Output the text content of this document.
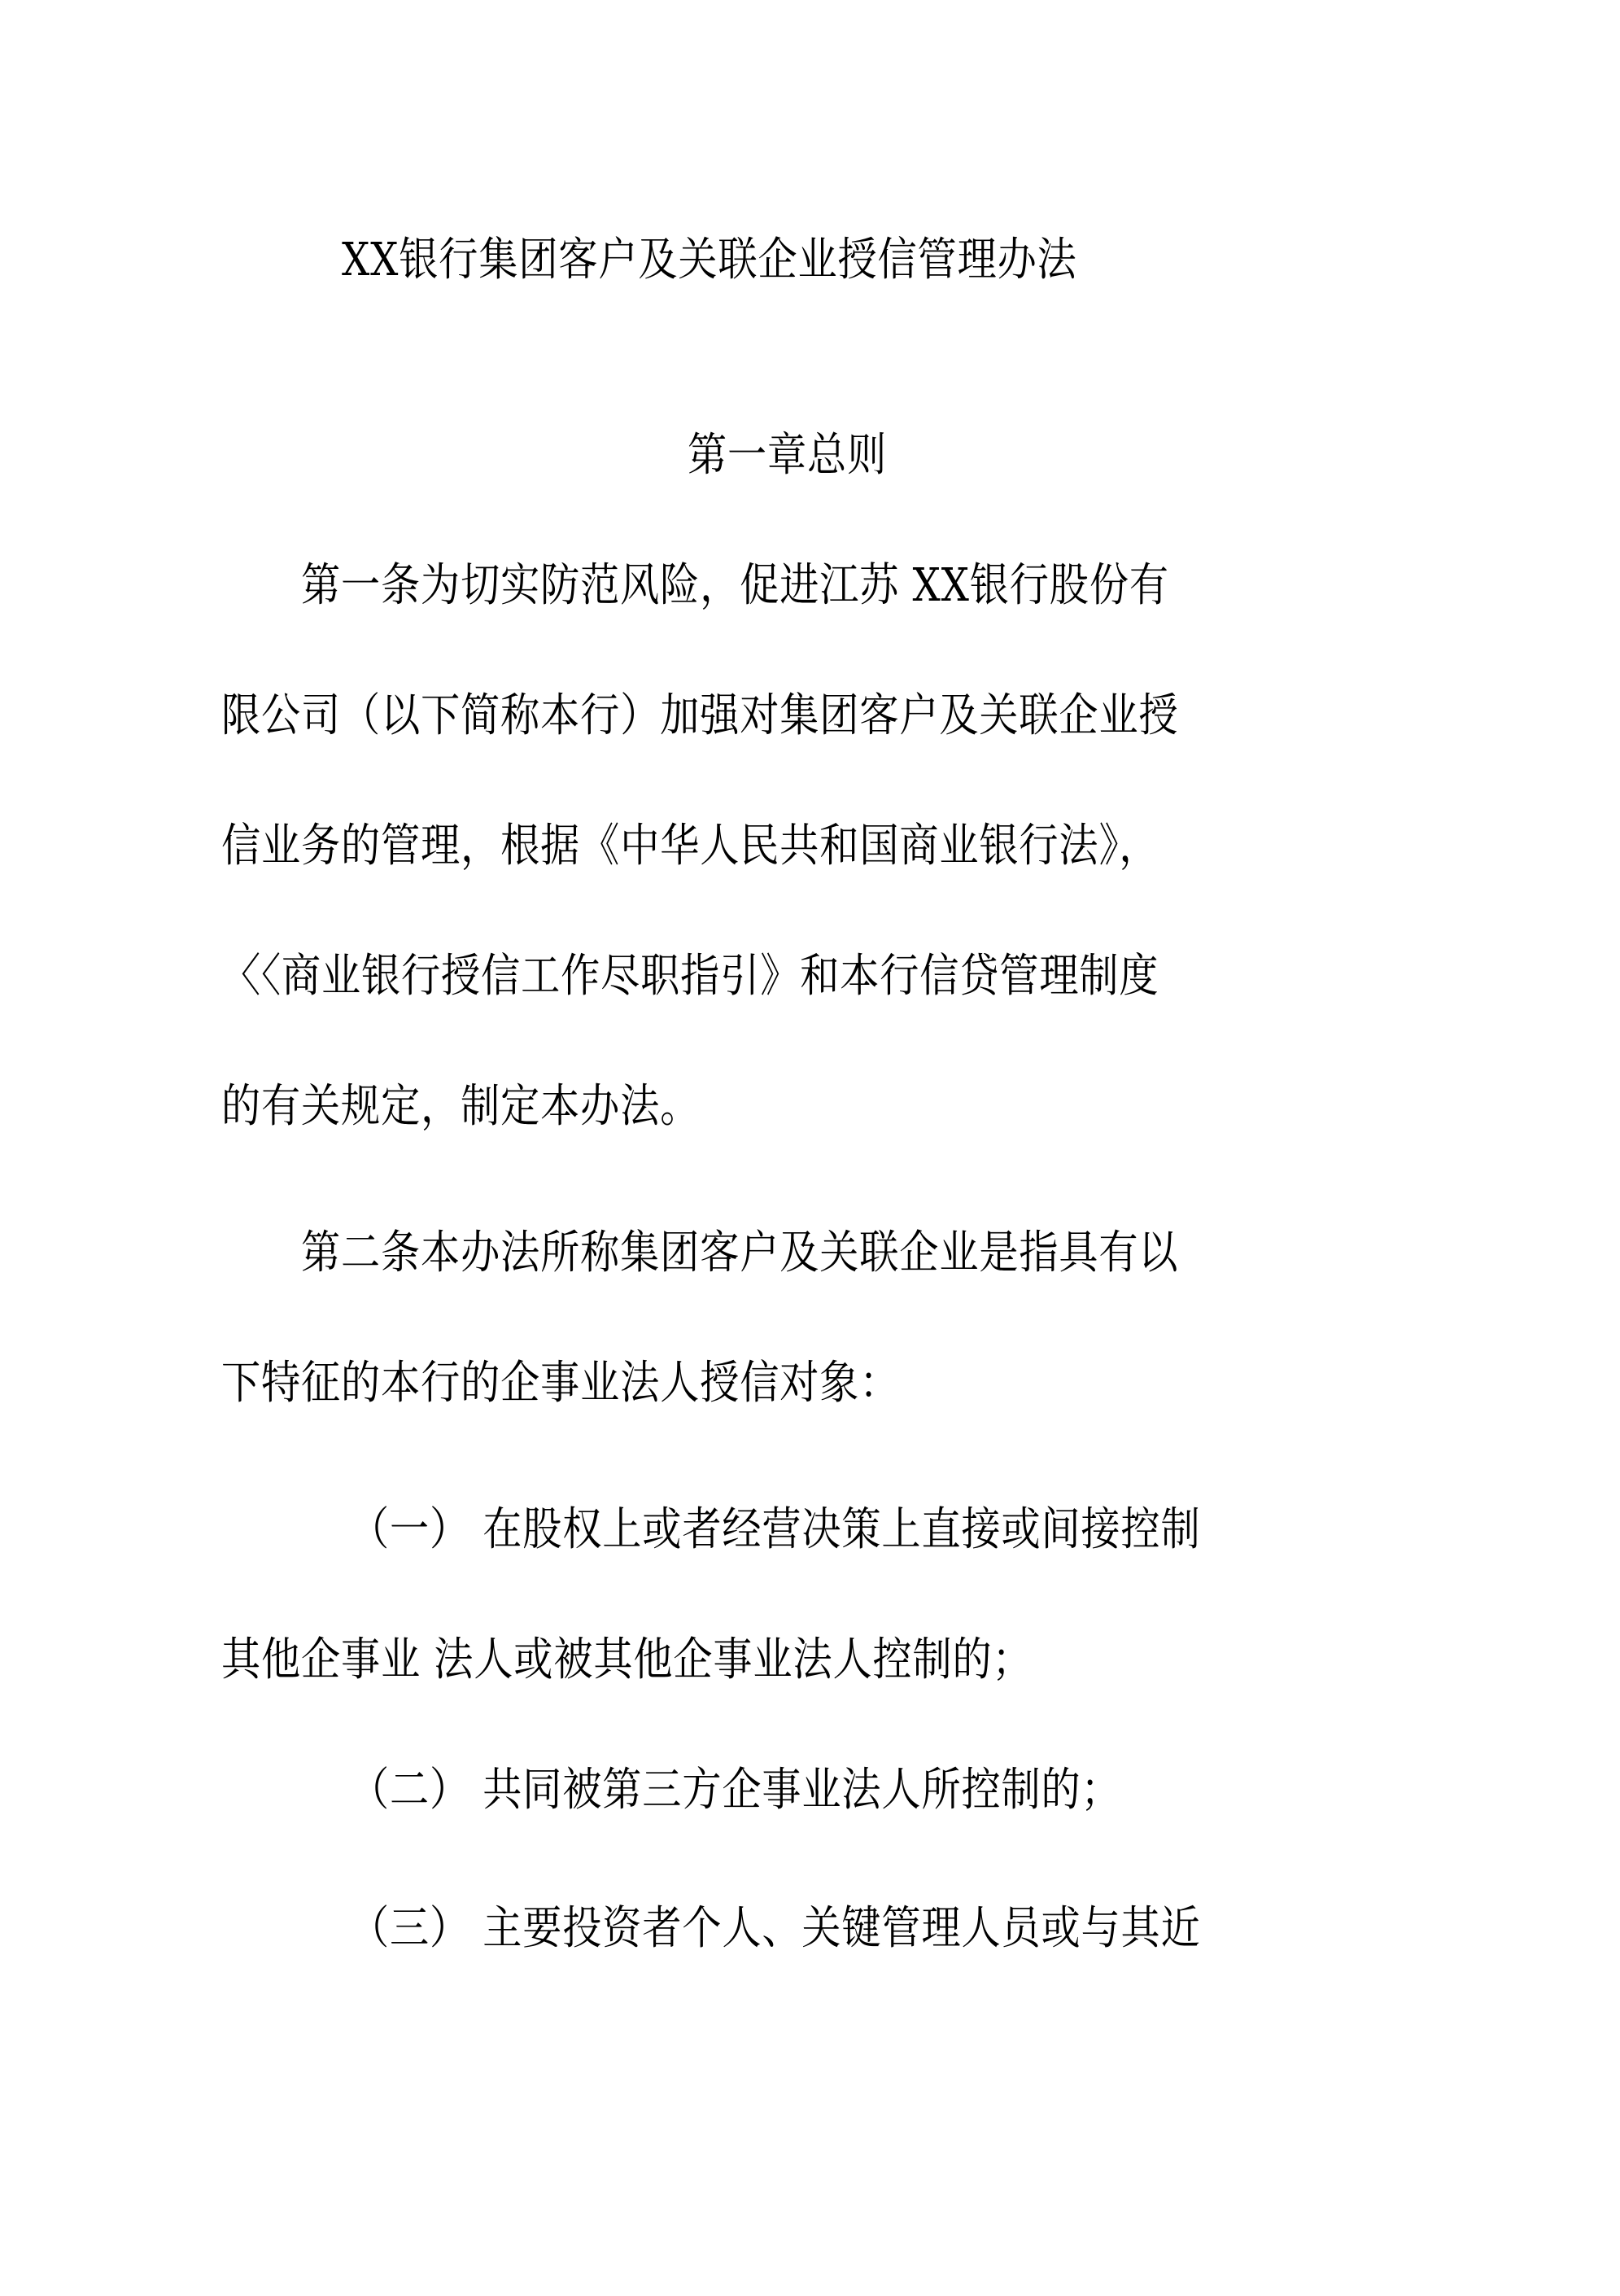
XX银行集团客户及关联企业授信管理办法
第一章总则
第一条为切实防范风险，促进江苏 XX银行股份有
限公司（以下简称本行）加强对集团客户及关联企业授
信业务的管理，根据《中华人民共和国商业银行法》，
〈〈商业银行授信工作尽职指引》和本行信贷管理制度
的有关规定，制定本办法。
第二条本办法所称集团客户及关联企业是指具有以
下特征的本行的企事业法人授信对象：
（一） 在股权上或者经营决策上直接或间接控制
其他企事业 法人或被其他企事业法人控制的；
（二） 共同被第三方企事业法人所控制的；
（三） 主要投资者个人、关键管理人员或与其近
